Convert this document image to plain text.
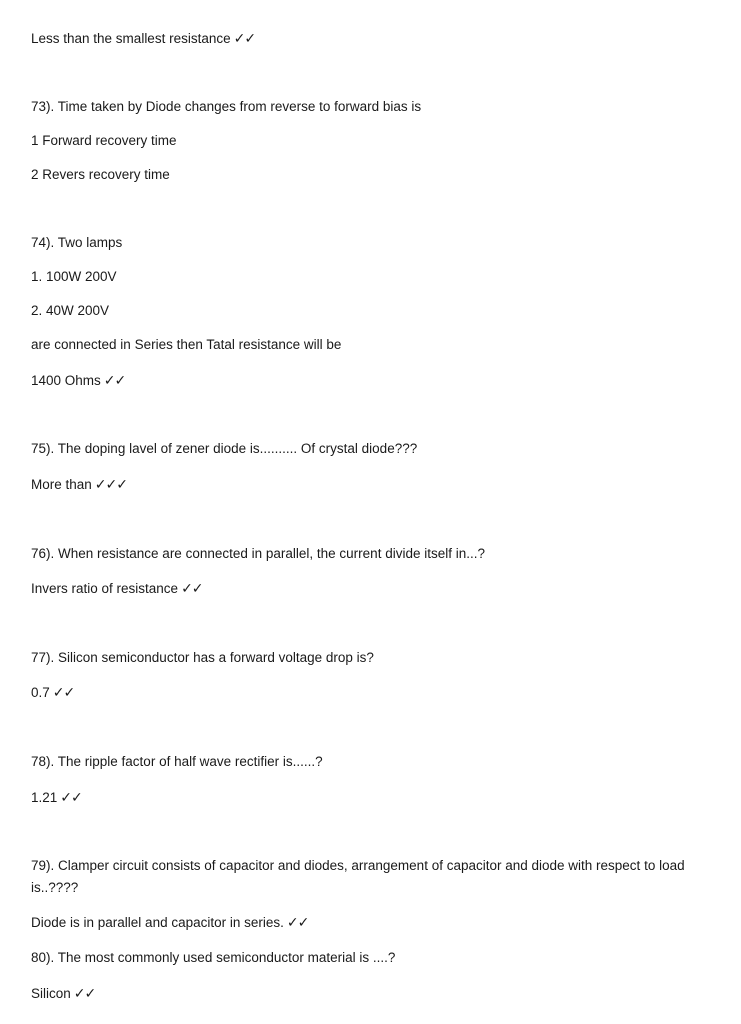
Less than the smallest resistance ✓✓
73). Time taken by Diode changes from reverse to forward bias is
1 Forward recovery time
2 Revers recovery time
74). Two lamps
1. 100W 200V
2. 40W 200V
are connected in Series then Tatal resistance will be
1400 Ohms ✓✓
75). The doping lavel of zener diode is.......... Of crystal diode???
More than ✓✓✓
76). When resistance are connected in parallel, the current divide itself in...?
Invers ratio of resistance ✓✓
77). Silicon semiconductor has a forward voltage drop is?
0.7 ✓✓
78). The ripple factor of half wave rectifier is......?
1.21 ✓✓
79). Clamper circuit consists of capacitor and diodes, arrangement of capacitor and diode with respect to load is..????
Diode is in parallel and capacitor in series. ✓✓
80). The most commonly used semiconductor material is ....?
Silicon ✓✓
